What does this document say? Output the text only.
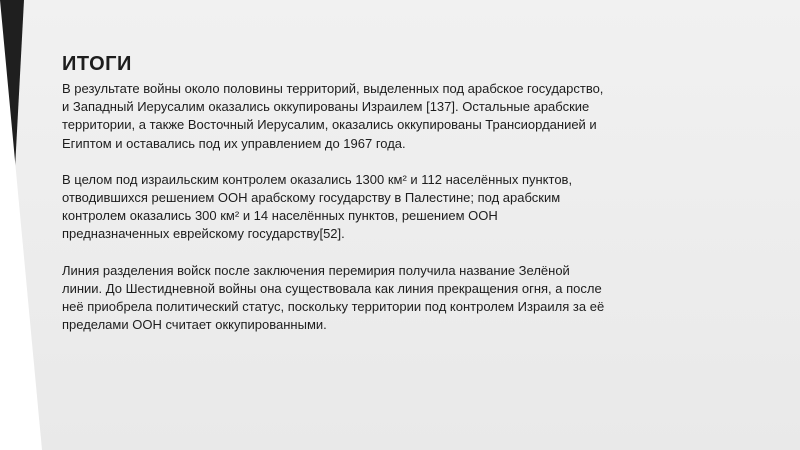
ИТОГИ

В результате войны около половины территорий, выделенных под арабское государство, и Западный Иерусалим оказались оккупированы Израилем [137]. Остальные арабские территории, а также Восточный Иерусалим, оказались оккупированы Трансиорданией и Египтом и оставались под их управлением до 1967 года.

В целом под израильским контролем оказались 1300 км² и 112 населённых пунктов, отводившихся решением ООН арабскому государству в Палестине; под арабским контролем оказались 300 км² и 14 населённых пунктов, решением ООН предназначенных еврейскому государству[52].

Линия разделения войск после заключения перемирия получила название Зелёной линии. До Шестидневной войны она существовала как линия прекращения огня, а после неё приобрела политический статус, поскольку территории под контролем Израиля за её пределами ООН считает оккупированными.
